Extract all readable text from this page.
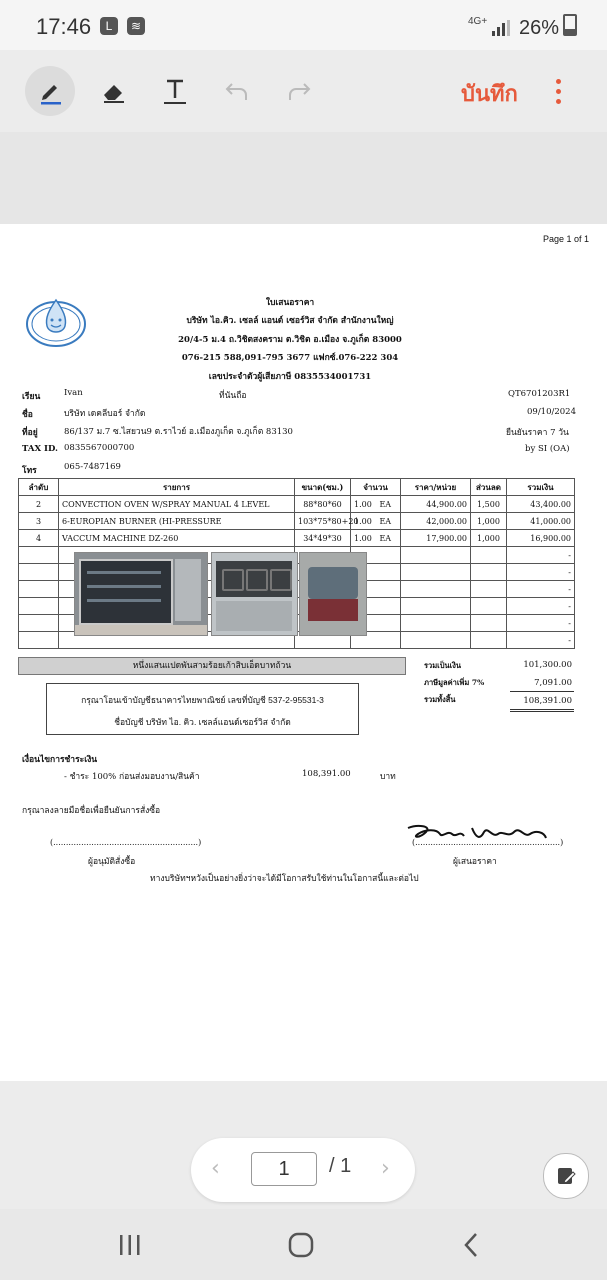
17:46	L	≋	4G+ 26%
บันทึก
Page 1 of 1
ใบเสนอราคา
บริษัท ไอ.คิว. เซลล์ แอนด์ เซอร์วิส จำกัด สำนักงานใหญ่
20/4-5 ม.4 ถ.วิชิตสงคราม ต.วิชิต อ.เมือง จ.ภูเก็ต 83000
076-215 588,091-795 3677 แฟกซ์.076-222 304
เลขประจำตัวผู้เสียภาษี 0835534001731
เรียน	Ivan	ที่นันถือ	QT6701203R1
ชื่อ	บริษัท เดคลีบอร์ จำกัด	09/10/2024
ที่อยู่	86/137 ม.7 ซ.ไสยวน9 ต.ราไวย์ อ.เมืองภูเก็ต จ.ภูเก็ต 83130	ยืนยันราคา 7 วัน
TAX ID. 0835567000700	by SI (OA)
โทร	065-7487169
ลำดับ	รายการ	ขนาด(ซม.)	จำนวน	ราคา/หน่วย	ส่วนลด	รวมเงิน
2	CONVECTION OVEN W/SPRAY MANUAL 4 LEVEL	88*80*60	1.00 EA	44,900.00	1,500	43,400.00
3	6-EUROPIAN BURNER (HI-PRESSURE	103*75*80+20	1.00 EA	42,000.00	1,000	41,000.00
4	VACCUM MACHINE DZ-260	34*49*30	1.00 EA	17,900.00	1,000	16,900.00
						-
						-
						-
						-
						-
						-
หนึ่งแสนแปดพันสามร้อยเก้าสิบเอ็ดบาทถ้วน	รวมเป็นเงิน	101,300.00
ภาษีมูลค่าเพิ่ม 7%	7,091.00
รวมทั้งสิ้น	108,391.00
กรุณาโอนเข้าบัญชีธนาคารไทยพาณิชย์ เลขที่บัญชี 537-2-95531-3
ชื่อบัญชี บริษัท ไอ. คิว. เซลล์แอนด์เซอร์วิส จำกัด
เงื่อนไขการชำระเงิน
- ชำระ 100% ก่อนส่งมอบงาน/สินค้า	108,391.00	บาท
กรุณาลงลายมือชื่อเพื่อยืนยันการสั่งซื้อ
(.........................................................)	(.........................................................)
ผู้อนุมัติสั่งซื้อ	ผู้เสนอราคา
ทางบริษัทฯหวังเป็นอย่างยิ่งว่าจะได้มีโอกาสรับใช้ท่านในโอกาสนี้และต่อไป
‹	1	/ 1 ›
